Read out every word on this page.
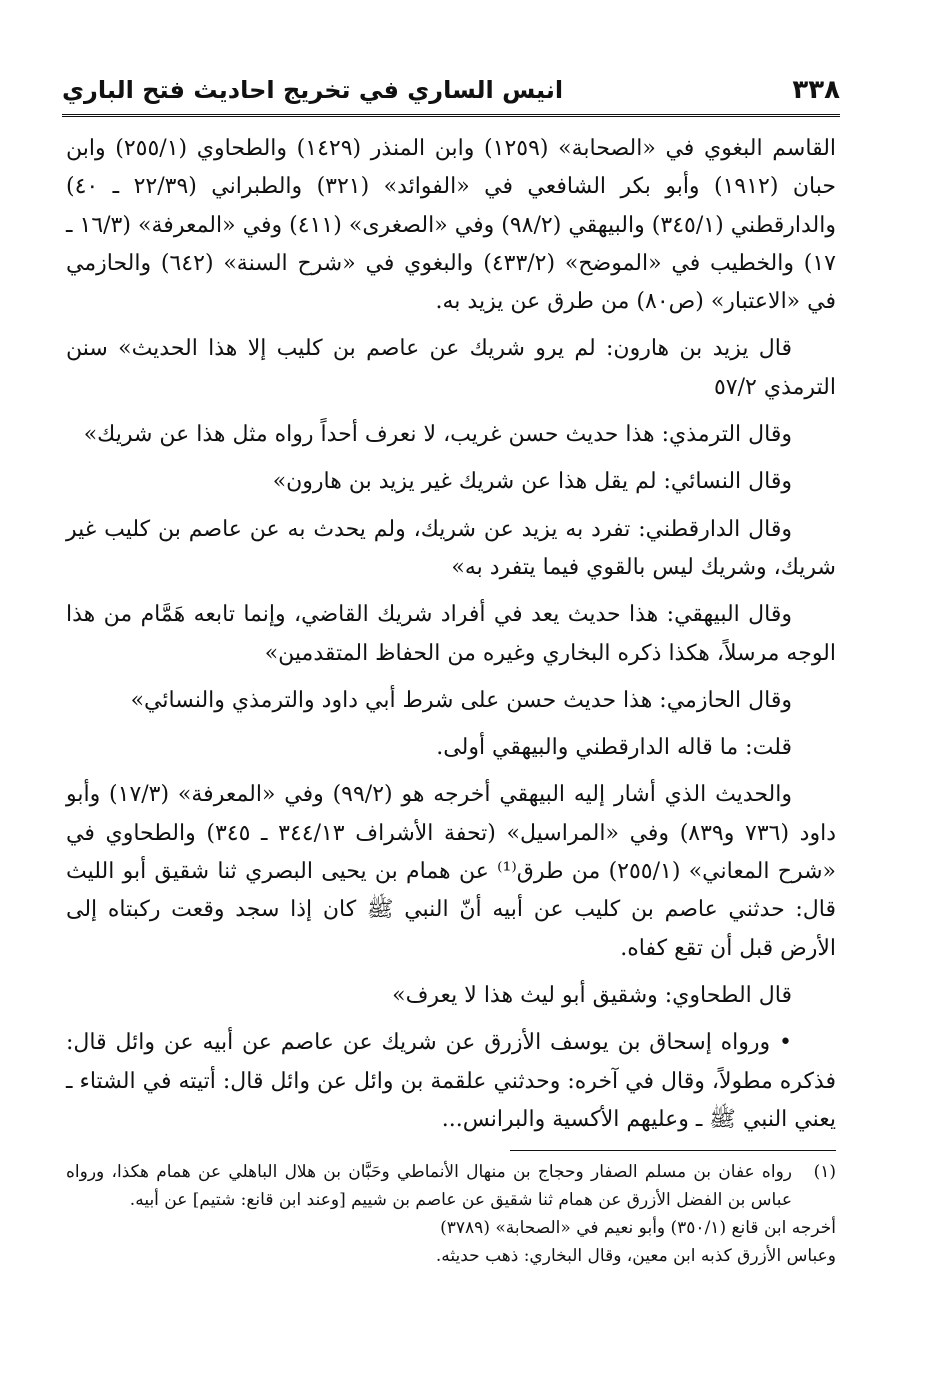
٣٣٨
انيس الساري في تخريج احاديث فتح الباري

القاسم البغوي في «الصحابة» (١٢٥٩) وابن المنذر (١٤٢٩) والطحاوي (٢٥٥/١) وابن حبان (١٩١٢) وأبو بكر الشافعي في «الفوائد» (٣٢١) والطبراني (٢٢/٣٩ ـ ٤٠) والدارقطني (٣٤٥/١) والبيهقي (٩٨/٢) وفي «الصغرى» (٤١١) وفي «المعرفة» (١٦/٣ ـ ١٧) والخطيب في «الموضح» (٤٣٣/٢) والبغوي في «شرح السنة» (٦٤٢) والحازمي في «الاعتبار» (ص٨٠) من طرق عن يزيد به.

قال يزيد بن هارون: لم يرو شريك عن عاصم بن كليب إلا هذا الحديث» سنن الترمذي ٥٧/٢

وقال الترمذي: هذا حديث حسن غريب، لا نعرف أحداً رواه مثل هذا عن شريك»

وقال النسائي: لم يقل هذا عن شريك غير يزيد بن هارون»

وقال الدارقطني: تفرد به يزيد عن شريك، ولم يحدث به عن عاصم بن كليب غير شريك، وشريك ليس بالقوي فيما يتفرد به»

وقال البيهقي: هذا حديث يعد في أفراد شريك القاضي، وإنما تابعه هَمَّام من هذا الوجه مرسلاً، هكذا ذكره البخاري وغيره من الحفاظ المتقدمين»

وقال الحازمي: هذا حديث حسن على شرط أبي داود والترمذي والنسائي»

قلت: ما قاله الدارقطني والبيهقي أولى.

والحديث الذي أشار إليه البيهقي أخرجه هو (٩٩/٢) وفي «المعرفة» (١٧/٣) وأبو داود (٧٣٦ و٨٣٩) وفي «المراسيل» (تحفة الأشراف ٣٤٤/١٣ ـ ٣٤٥) والطحاوي في «شرح المعاني» (٢٥٥/١) من طرق⁽¹⁾ عن همام بن يحيى البصري ثنا شقيق أبو الليث قال: حدثني عاصم بن كليب عن أبيه أنّ النبي ﷺ كان إذا سجد وقعت ركبتاه إلى الأرض قبل أن تقع كفاه.

قال الطحاوي: وشقيق أبو ليث هذا لا يعرف»

• ورواه إسحاق بن يوسف الأزرق عن شريك عن عاصم عن أبيه عن وائل قال: فذكره مطولاً، وقال في آخره: وحدثني علقمة بن وائل عن وائل قال: أتيته في الشتاء ـ يعني النبي ﷺ ـ وعليهم الأكسية والبرانس...

(١)
رواه عفان بن مسلم الصفار وحجاج بن منهال الأنماطي وحَبَّان بن هلال الباهلي عن همام هكذا، ورواه عباس بن الفضل الأزرق عن همام ثنا شقيق عن عاصم بن شييم [وعند ابن قانع: شتيم] عن أبيه.

أخرجه ابن قانع (٣٥٠/١) وأبو نعيم في «الصحابة» (٣٧٨٩)

وعباس الأزرق كذبه ابن معين، وقال البخاري: ذهب حديثه.
